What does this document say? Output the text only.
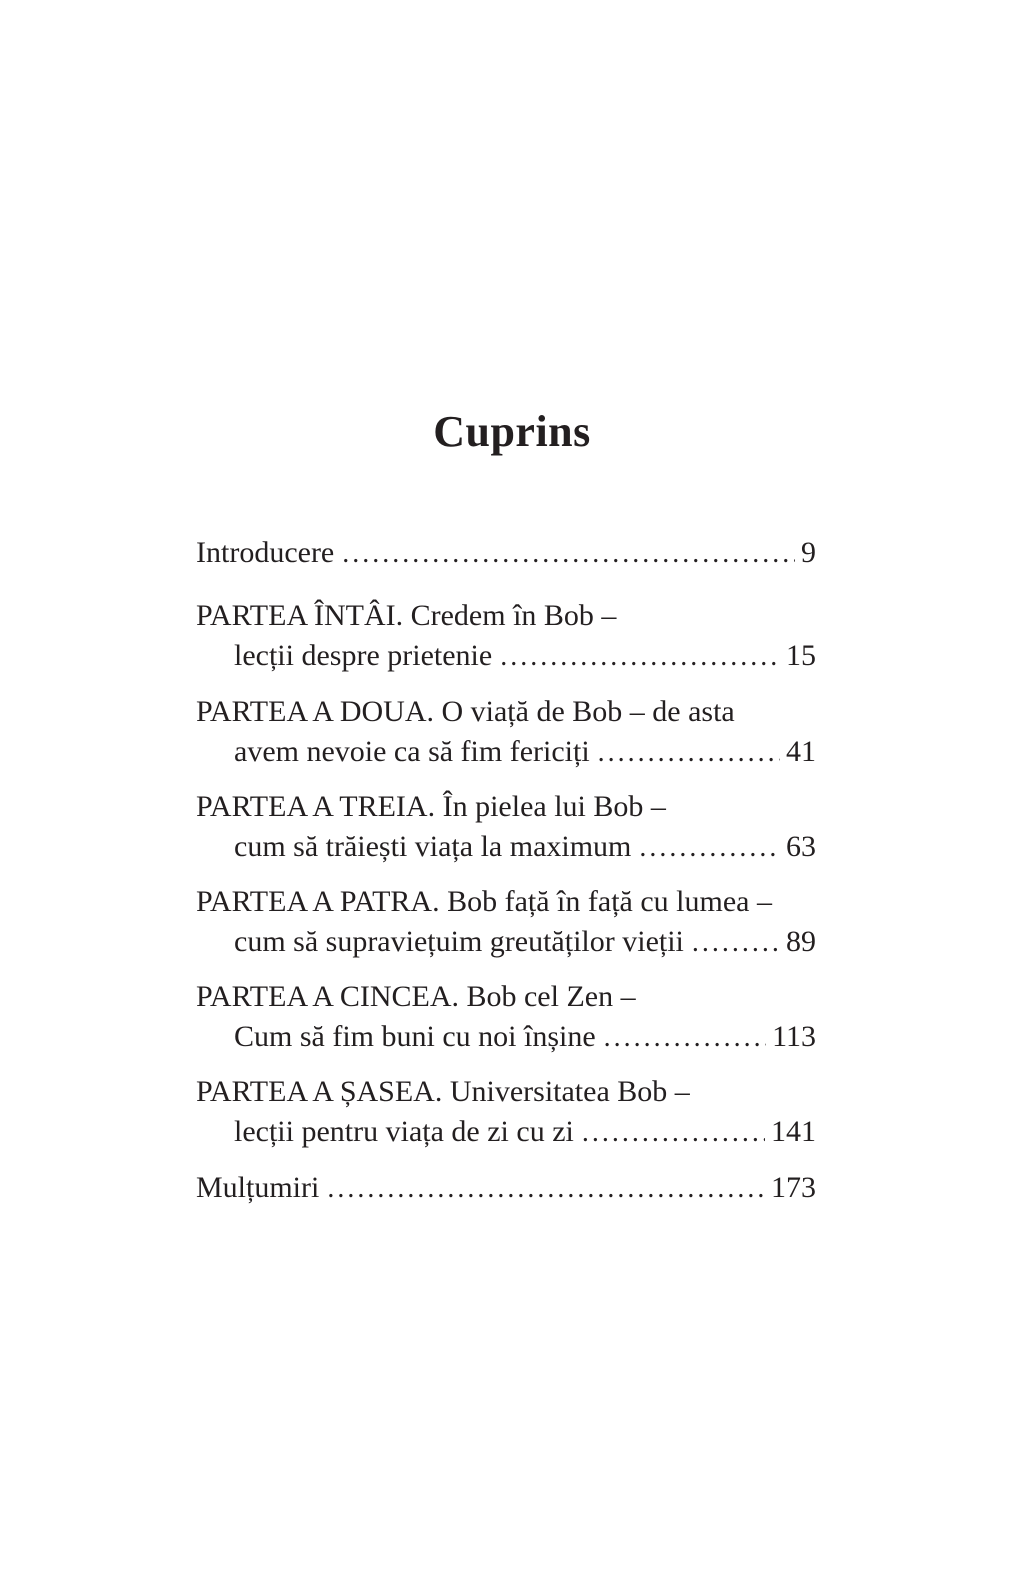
Cuprins
Introducere . . .	9
PARTEA ÎNTÂI. Credem în Bob –
lecții despre prietenie . . .	15
PARTEA A DOUA. O viață de Bob – de asta
avem nevoie ca să fim fericiți . . .	41
PARTEA A TREIA. În pielea lui Bob –
cum să trăiești viața la maximum . . .	63
PARTEA A PATRA. Bob față în față cu lumea –
cum să supraviețuim greutăților vieții . . .	89
PARTEA A CINCEA. Bob cel Zen –
Cum să fim buni cu noi înșine . . .	113
PARTEA A ȘASEA. Universitatea Bob –
lecții pentru viața de zi cu zi . . .	141
Mulțumiri . . .	173
